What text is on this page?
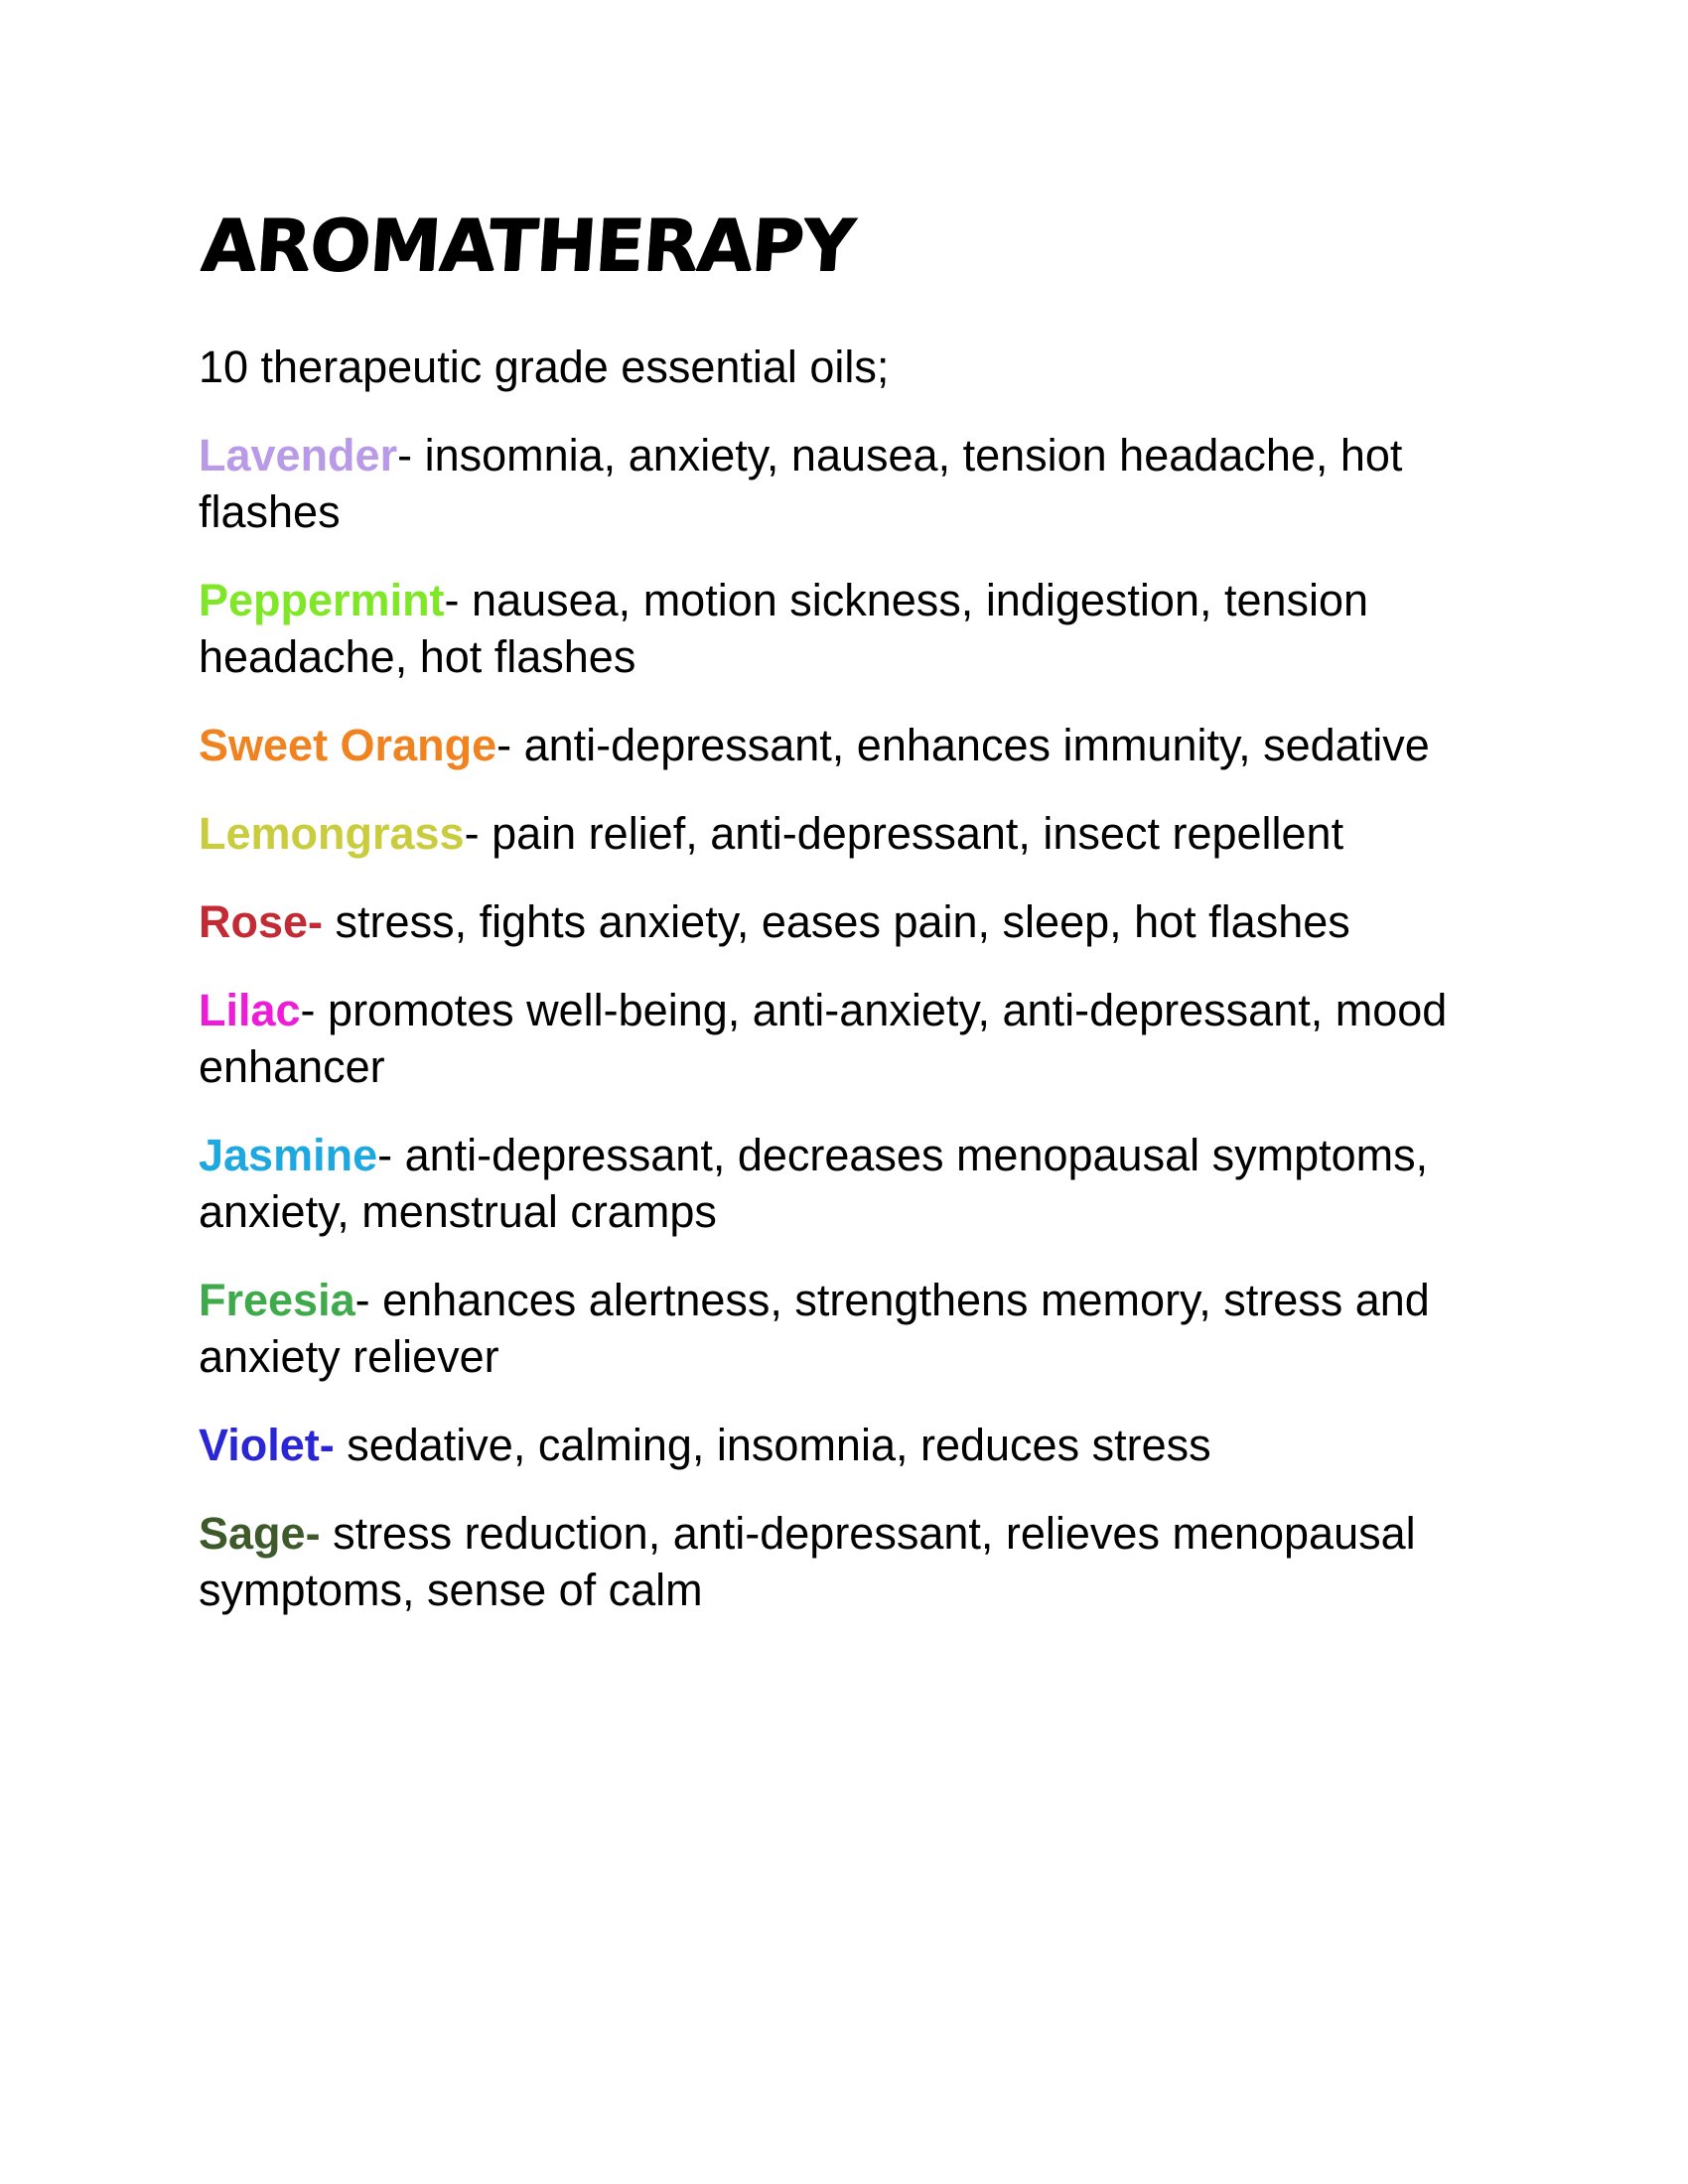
AROMATHERAPY

10 therapeutic grade essential oils;

Lavender- insomnia, anxiety, nausea, tension headache, hot flashes
Peppermint- nausea, motion sickness, indigestion, tension headache, hot flashes
Sweet Orange- anti-depressant, enhances immunity, sedative
Lemongrass- pain relief, anti-depressant, insect repellent
Rose- stress, fights anxiety, eases pain, sleep, hot flashes
Lilac- promotes well-being, anti-anxiety, anti-depressant, mood enhancer
Jasmine- anti-depressant, decreases menopausal symptoms, anxiety, menstrual cramps
Freesia- enhances alertness, strengthens memory, stress and anxiety reliever
Violet- sedative, calming, insomnia, reduces stress
Sage- stress reduction, anti-depressant, relieves menopausal symptoms, sense of calm
